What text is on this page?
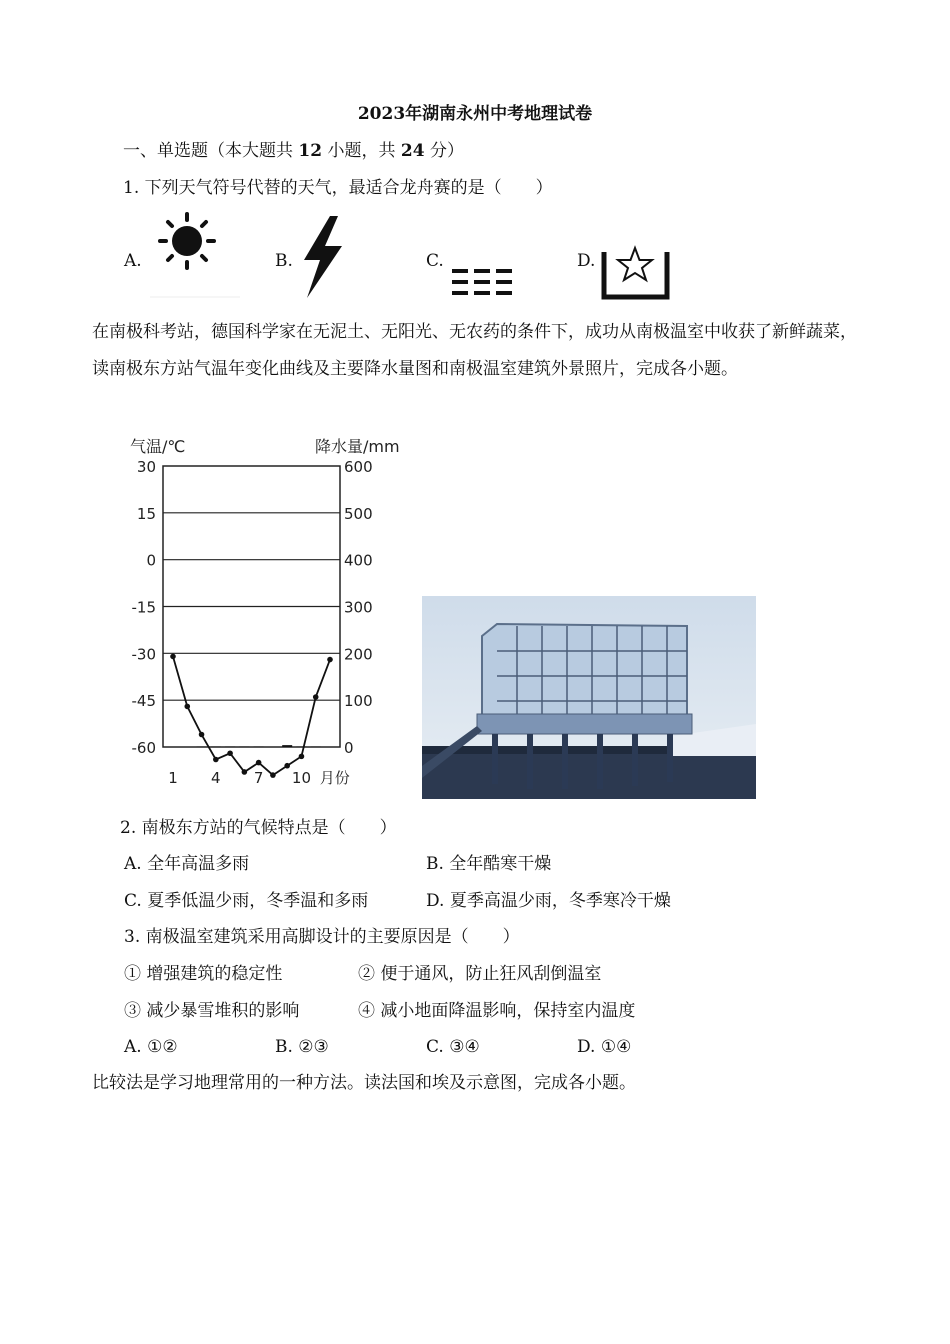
2023年湖南永州中考地理试卷
一、单选题（本大题共 12 小题，共 24 分）
1. 下列天气符号代替的天气，最适合龙舟赛的是（　　）
A.	B.	C.	D.
在南极科考站，德国科学家在无泥土、无阳光、无农药的条件下，成功从南极温室中收获了新鲜蔬菜，读南极东方站气温年变化曲线及主要降水量图和南极温室建筑外景照片，完成各小题。
气温/℃	降水量/mm
30	600
15	500
0	400
-15	300
-30	200
-45	100
-60	0
1 4 7 10 月份
2. 南极东方站的气候特点是（　　）
A. 全年高温多雨	B. 全年酷寒干燥
C. 夏季低温少雨，冬季温和多雨	D. 夏季高温少雨，冬季寒冷干燥
3. 南极温室建筑采用高脚设计的主要原因是（　　）
① 增强建筑的稳定性	② 便于通风，防止狂风刮倒温室
③ 减少暴雪堆积的影响	④ 减小地面降温影响，保持室内温度
A. ①②	B. ②③	C. ③④	D. ①④
比较法是学习地理常用的一种方法。读法国和埃及示意图，完成各小题。
